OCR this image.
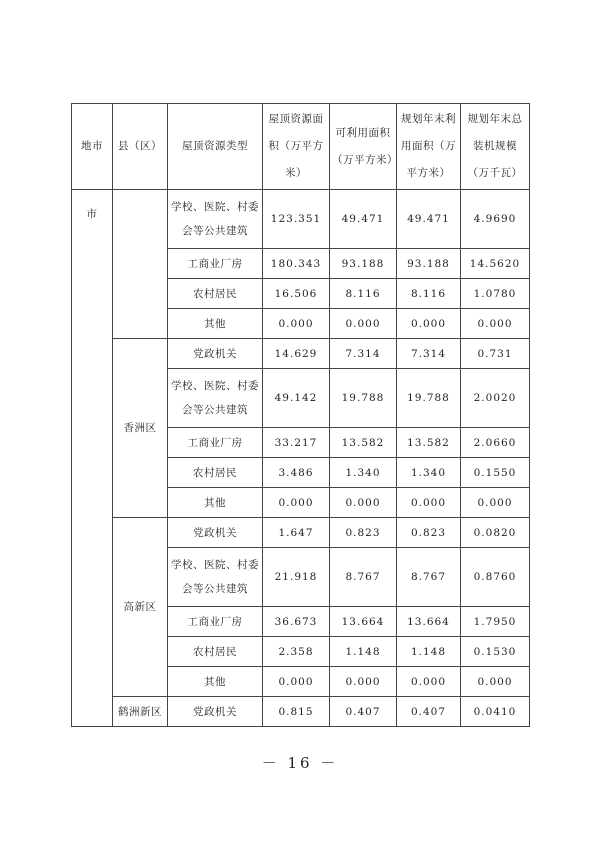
地市	县（区）	屋顶资源类型	屋顶资源面积（万平方米）	可利用面积（万平方米）	规划年末利用面积（万平方米）	规划年末总装机规模（万千瓦）
市		学校、医院、村委会等公共建筑	123.351	49.471	49.471	4.9690
		工商业厂房	180.343	93.188	93.188	14.5620
		农村居民	16.506	8.116	8.116	1.0780
		其他	0.000	0.000	0.000	0.000
	香洲区	党政机关	14.629	7.314	7.314	0.731
		学校、医院、村委会等公共建筑	49.142	19.788	19.788	2.0020
		工商业厂房	33.217	13.582	13.582	2.0660
		农村居民	3.486	1.340	1.340	0.1550
		其他	0.000	0.000	0.000	0.000
	高新区	党政机关	1.647	0.823	0.823	0.0820
		学校、医院、村委会等公共建筑	21.918	8.767	8.767	0.8760
		工商业厂房	36.673	13.664	13.664	1.7950
		农村居民	2.358	1.148	1.148	0.1530
		其他	0.000	0.000	0.000	0.000
	鹤洲新区	党政机关	0.815	0.407	0.407	0.0410
－ 16 －
